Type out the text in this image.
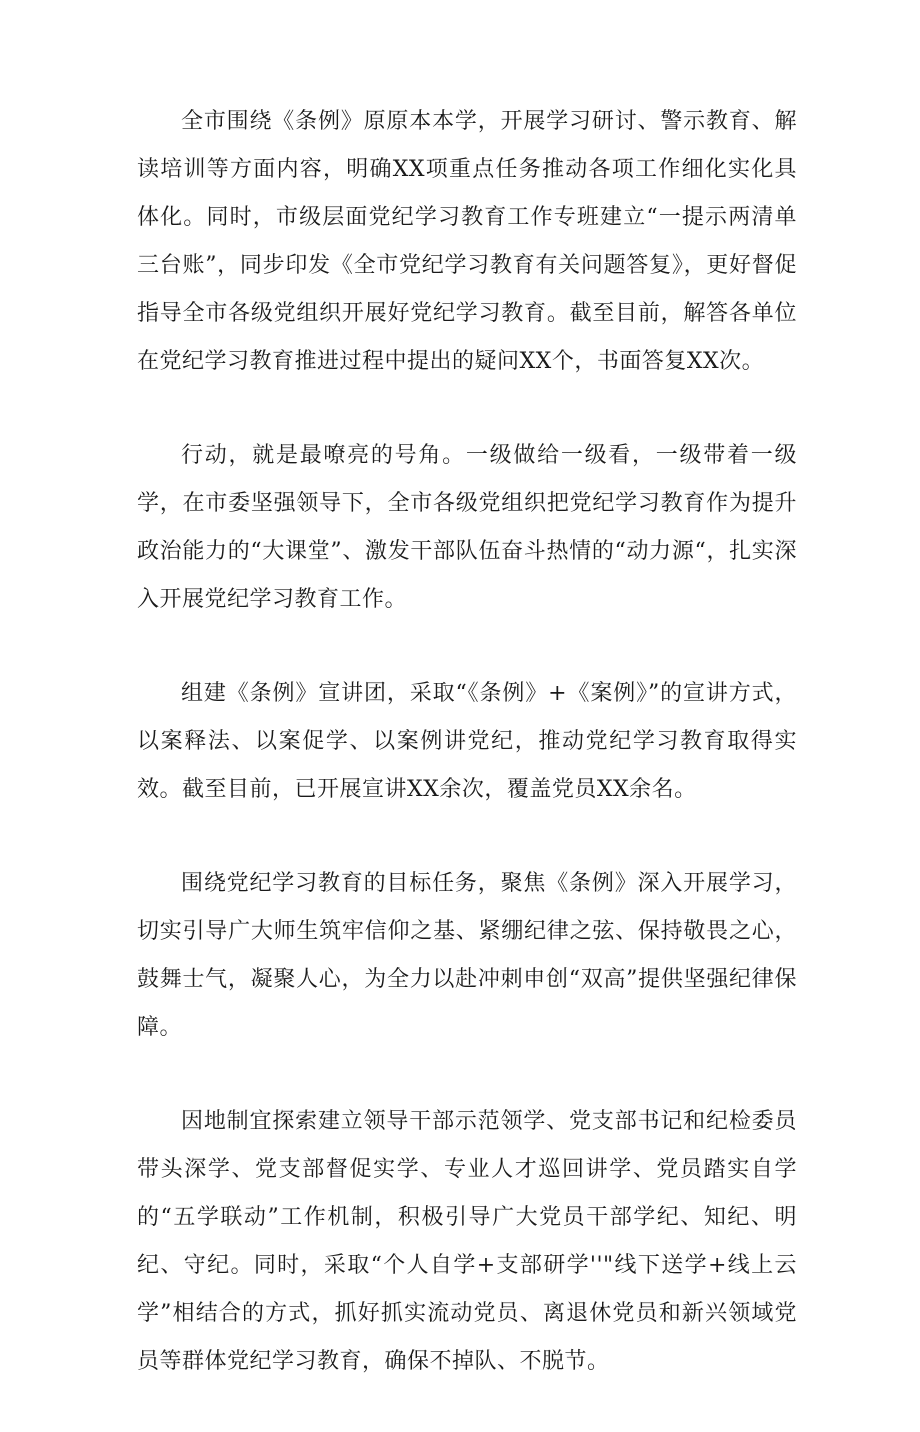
全市围绕《条例》原原本本学，开展学习研讨、警示教育、解读培训等方面内容，明确XX项重点任务推动各项工作细化实化具体化。同时，市级层面党纪学习教育工作专班建立“一提示两清单三台账”，同步印发《全市党纪学习教育有关问题答复》，更好督促指导全市各级党组织开展好党纪学习教育。截至目前，解答各单位在党纪学习教育推进过程中提出的疑问XX个，书面答复XX次。

行动，就是最嘹亮的号角。一级做给一级看，一级带着一级学，在市委坚强领导下，全市各级党组织把党纪学习教育作为提升政治能力的“大课堂”、激发干部队伍奋斗热情的“动力源“，扎实深入开展党纪学习教育工作。

组建《条例》宣讲团，采取“《条例》+《案例》”的宣讲方式，以案释法、以案促学、以案例讲党纪，推动党纪学习教育取得实效。截至目前，已开展宣讲XX余次，覆盖党员XX余名。

围绕党纪学习教育的目标任务，聚焦《条例》深入开展学习，切实引导广大师生筑牢信仰之基、紧绷纪律之弦、保持敬畏之心，鼓舞士气，凝聚人心，为全力以赴冲刺申创“双高”提供坚强纪律保障。

因地制宜探索建立领导干部示范领学、党支部书记和纪检委员带头深学、党支部督促实学、专业人才巡回讲学、党员踏实自学的“五学联动”工作机制，积极引导广大党员干部学纪、知纪、明纪、守纪。同时，采取“个人自学+支部研学''"线下送学+线上云学”相结合的方式，抓好抓实流动党员、离退休党员和新兴领域党员等群体党纪学习教育，确保不掉队、不脱节。
